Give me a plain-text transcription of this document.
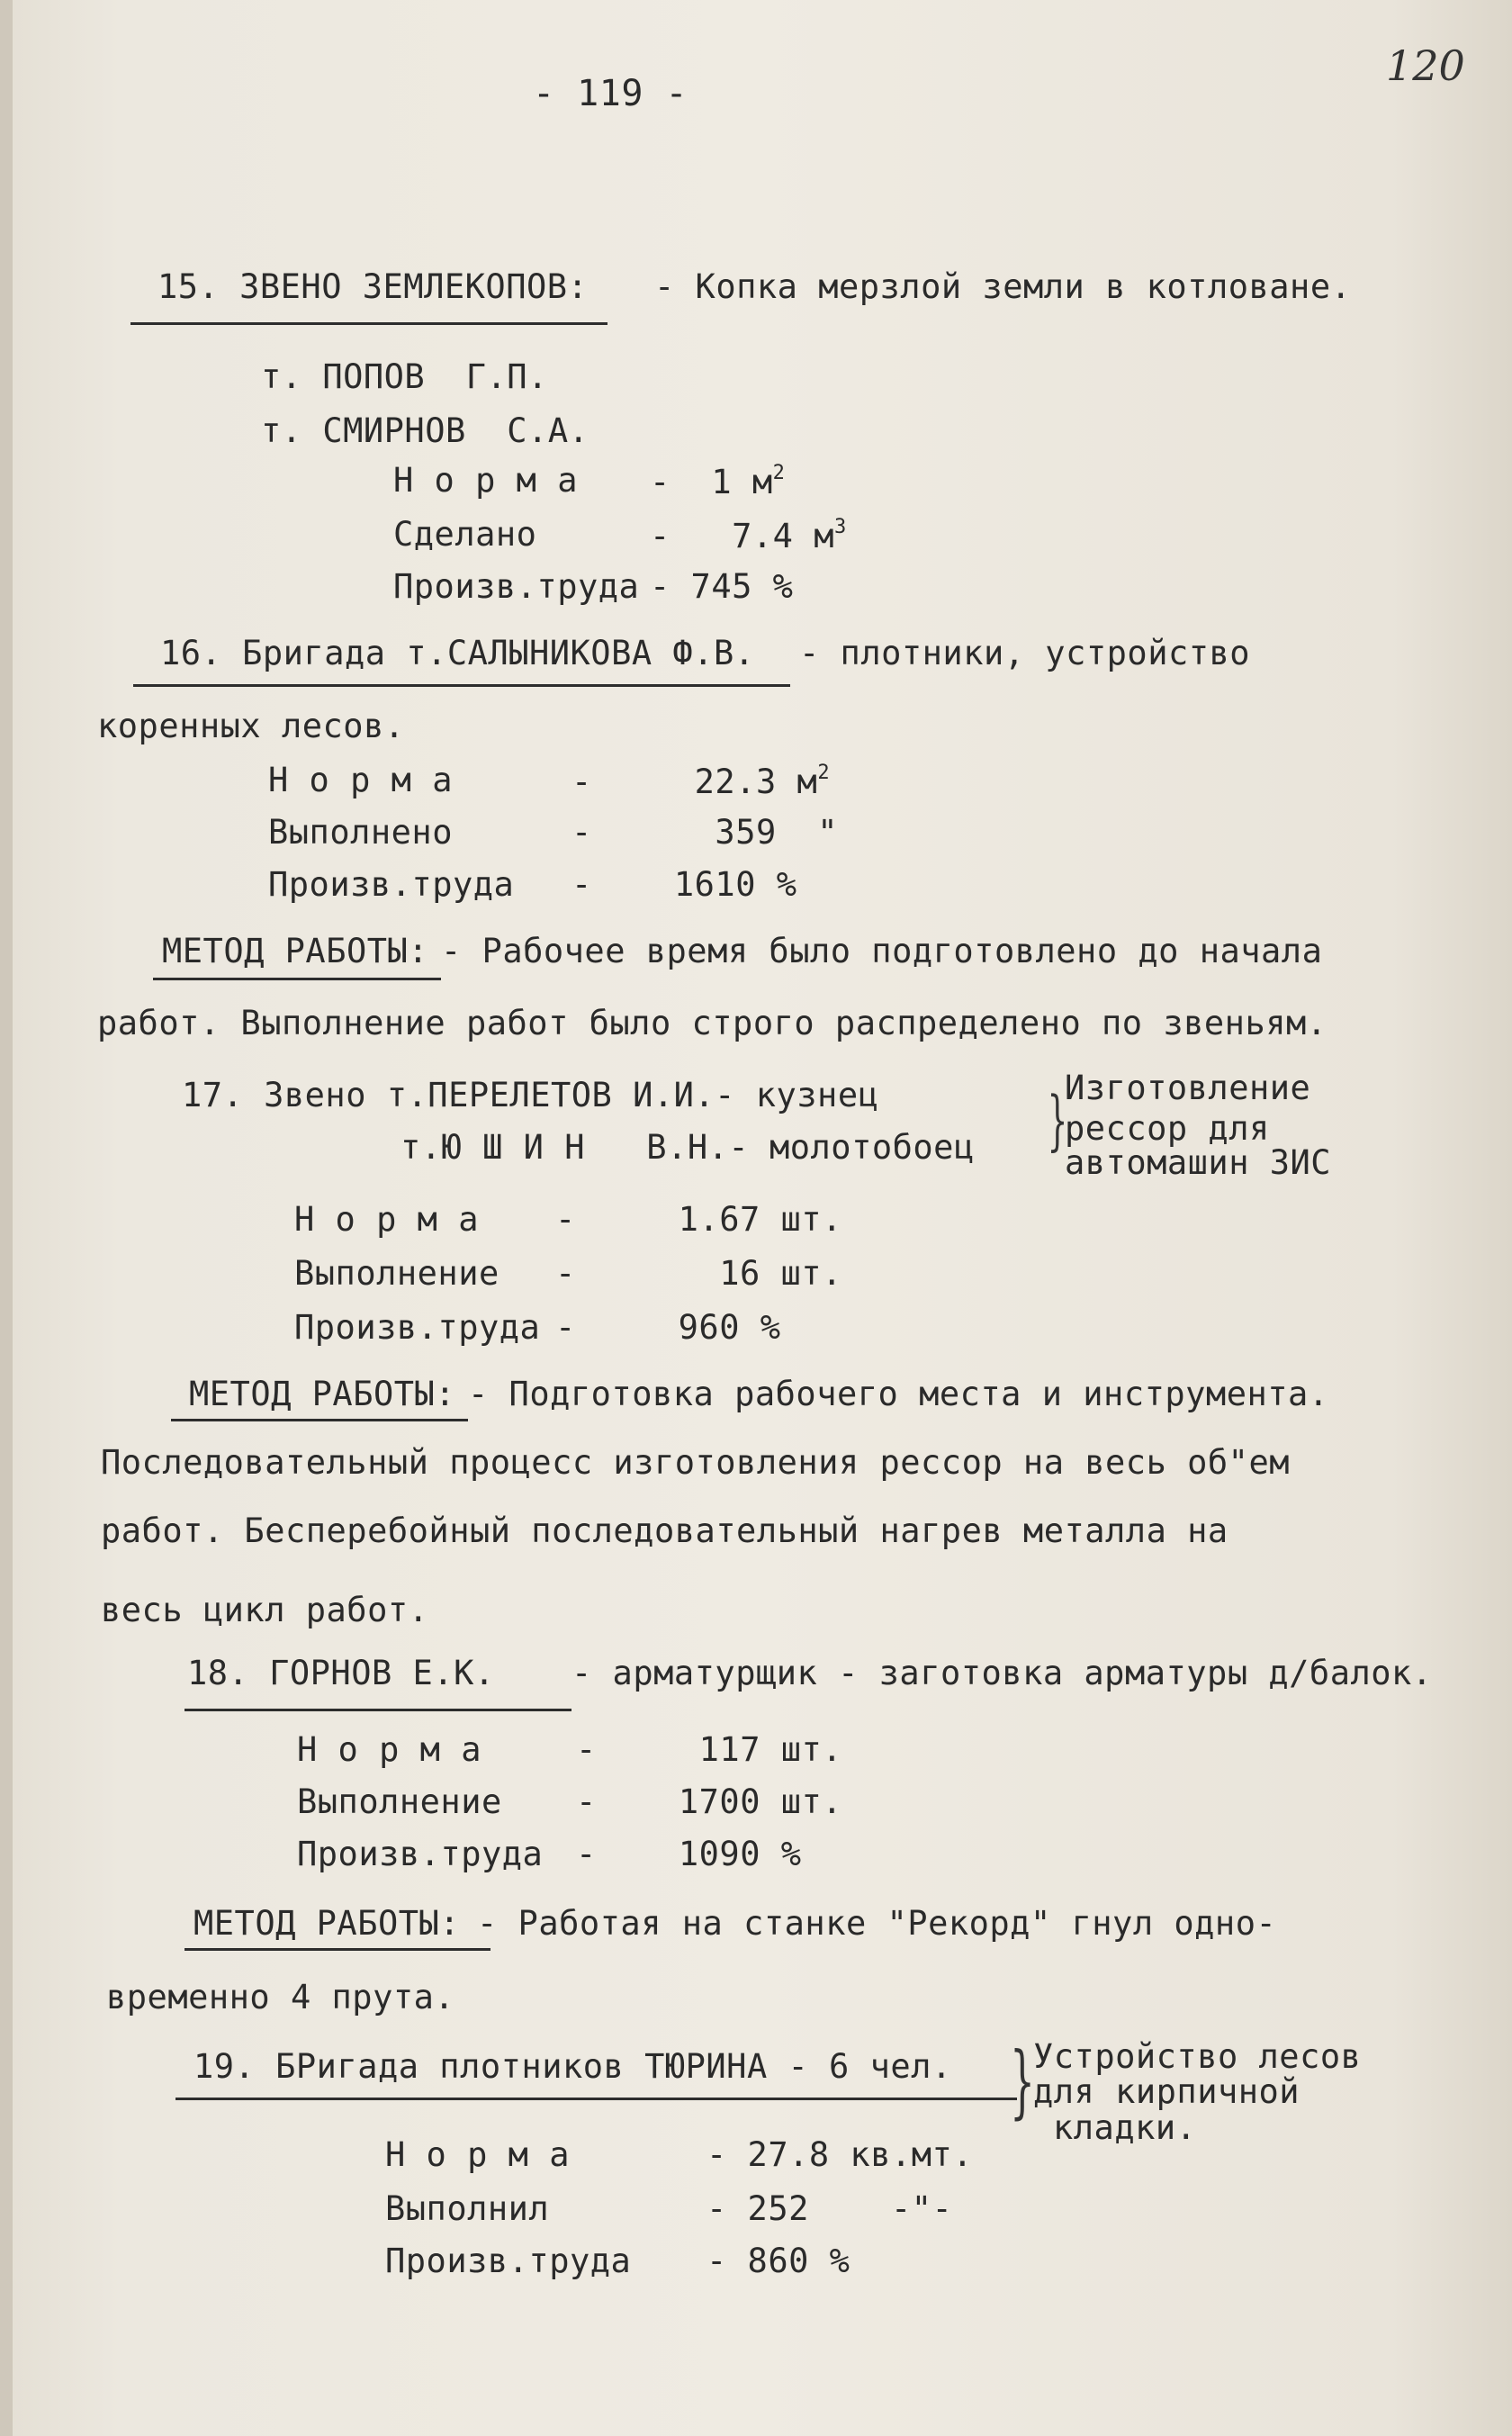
- 119 -
120
15. ЗВЕНО ЗЕМЛЕКОПОВ: - Копка мерзлой земли в котловане.
т. ПОПОВ  Г.П.
т. СМИРНОВ  С.А.
Н о р м а -  1 $м^2$
Сделано	-   7.4 $м^3$
Произв.труда - 745 %
16. Бригада т.САЛЫНИКОВА Ф.В. - плотники, устройство
коренных лесов.
Н о р м а	-     22.3 $м^2$
Выполнено	-      359  "
Произв.труда -    1610 %
МЕТОД РАБОТЫ: - Рабочее время было подготовлено до начала
работ. Выполнение работ было строго распределено по звеньям.
17. Звено т.ПЕРЕЛЕТОВ И.И.- кузнец
т.Ю Ш И Н   В.Н.- молотобоец }
Изготовление
рессор для
автомашин ЗИС
Н о р м а -     1.67 шт.
Выполнение -       16 шт.
Произв.труда -     960 %
МЕТОД РАБОТЫ: - Подготовка рабочего места и инструмента.
Последовательный процесс изготовления рессор на весь об"ем
работ. Бесперебойный последовательный нагрев металла на
весь цикл работ.
18. ГОРНОВ Е.К. - арматурщик - заготовка арматуры д/балок.
Н о р м а	-     117 шт.
Выполнение -    1700 шт.
Произв.труда -    1090 %
МЕТОД РАБОТЫ: - Работая на станке "Рекорд" гнул одно-
временно 4 прута.
19. БРигада плотников ТЮРИНА - 6 чел. }
Устройство лесов
для кирпичной
кладки.
Н о р м а	- 27.8 кв.мт.
Выполнил	- 252    -"-
Произв.труда - 860 %
